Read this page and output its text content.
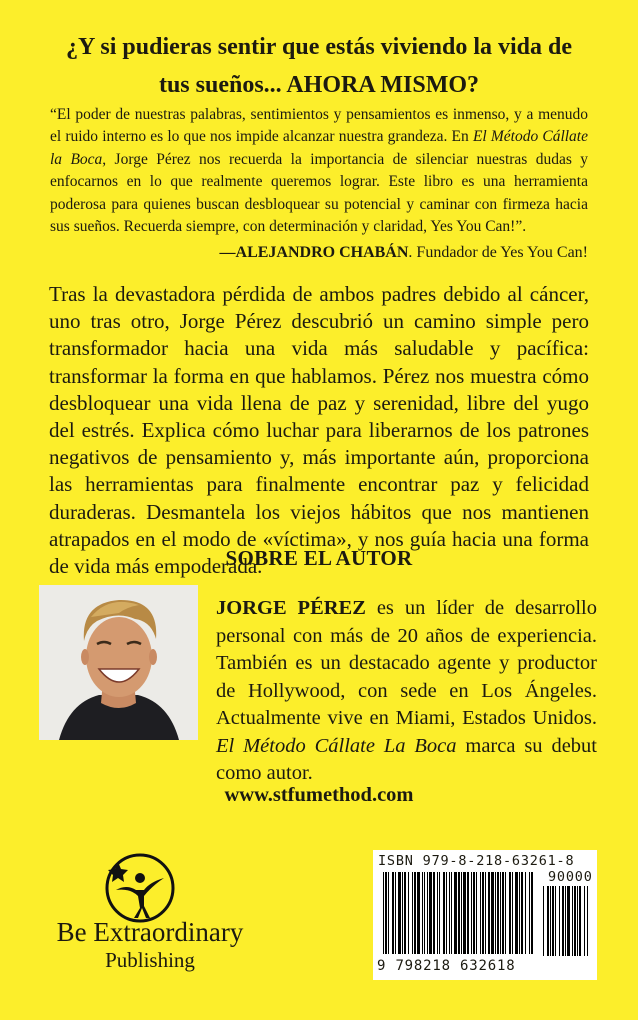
¿Y si pudieras sentir que estás viviendo la vida de
tus sueños... AHORA MISMO?
“El poder de nuestras palabras, sentimientos y pensamientos es inmenso, y a menudo el ruido interno es lo que nos impide alcanzar nuestra grandeza. En El Método Cállate la Boca, Jorge Pérez nos recuerda la importancia de silenciar nuestras dudas y enfocarnos en lo que realmente queremos lograr. Este libro es una herramienta poderosa para quienes buscan desbloquear su potencial y caminar con firmeza hacia sus sueños. Recuerda siempre, con determinación y claridad, Yes You Can!”.
—ALEJANDRO CHABÁN. Fundador de Yes You Can!
Tras la devastadora pérdida de ambos padres debido al cáncer, uno tras otro, Jorge Pérez descubrió un camino simple pero transformador hacia una vida más saludable y pacífica: transformar la forma en que hablamos. Pérez nos muestra cómo desbloquear una vida llena de paz y serenidad, libre del yugo del estrés. Explica cómo luchar para liberarnos de los patrones negativos de pensamiento y, más importante aún, proporciona las herramientas para finalmente encontrar paz y felicidad duraderas. Desmantela los viejos hábitos que nos mantienen atrapados en el modo de «víctima», y nos guía hacia una forma de vida más empoderada.
SOBRE EL AUTOR
JORGE PÉREZ es un líder de desarrollo personal con más de 20 años de experiencia. También es un destacado agente y productor de Hollywood, con sede en Los Ángeles. Actualmente vive en Miami, Estados Unidos. El Método Cállate La Boca marca su debut como autor.
www.stfumethod.com
Be Extraordinary
Publishing
ISBN 979-8-218-63261-8
90000
9 798218 632618
